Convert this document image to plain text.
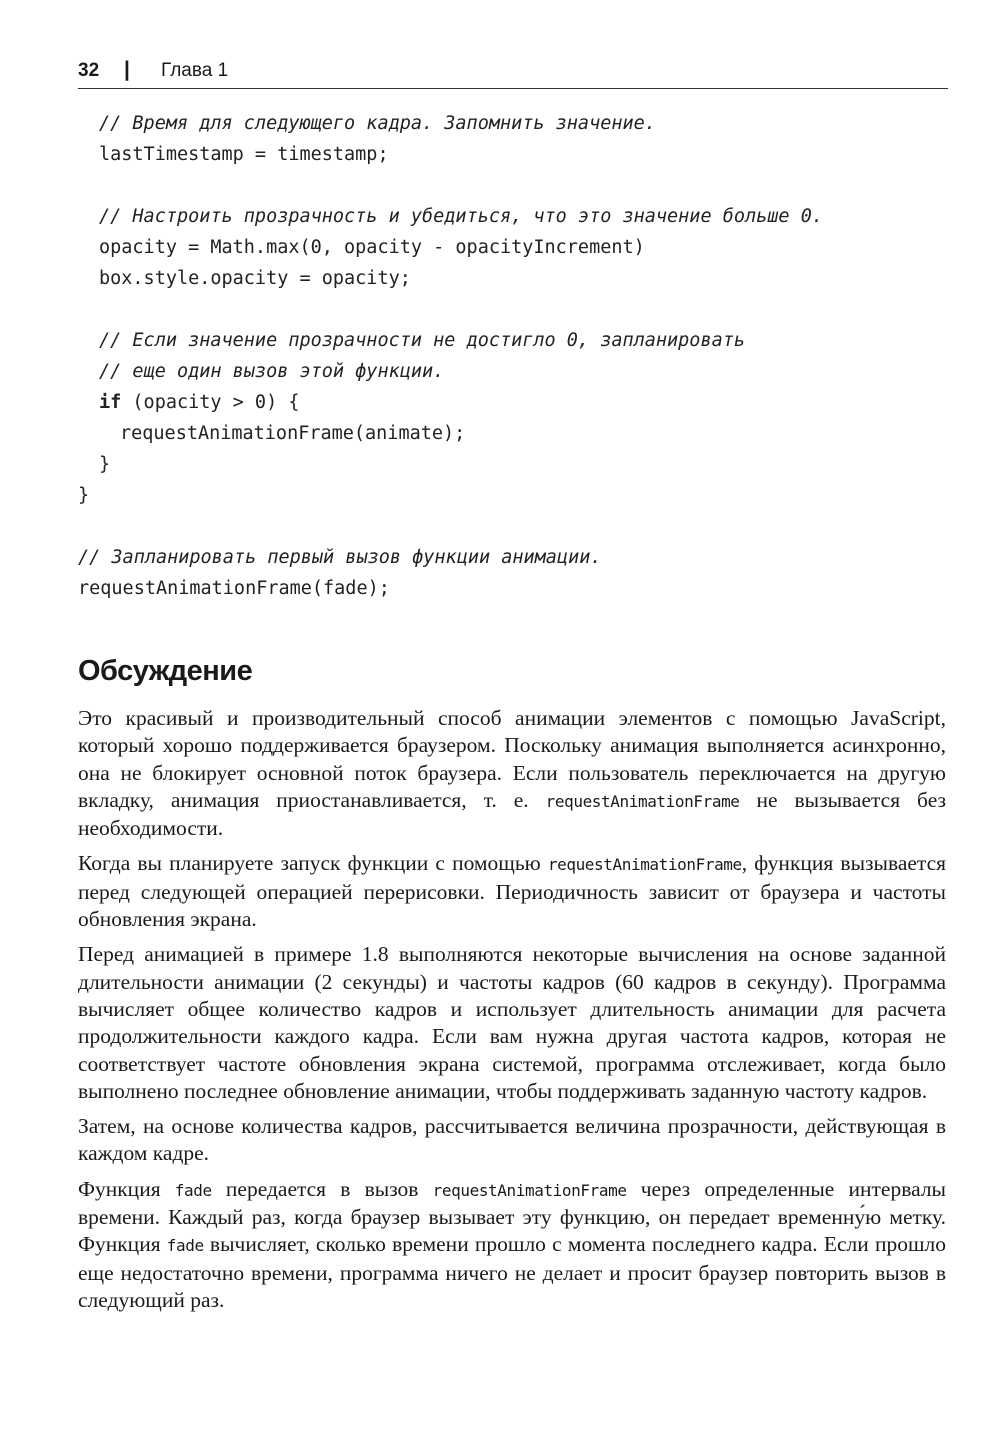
32 | Глава 1
// Время для следующего кадра. Запомнить значение.
lastTimestamp = timestamp;
// Настроить прозрачность и убедиться, что это значение больше 0.
opacity = Math.max(0, opacity - opacityIncrement)
box.style.opacity = opacity;
// Если значение прозрачности не достигло 0, запланировать
// еще один вызов этой функции.
if (opacity > 0) {
requestAnimationFrame(animate);
}
}
// Запланировать первый вызов функции анимации.
requestAnimationFrame(fade);
Обсуждение

Это красивый и производительный способ анимации элементов с помощью JavaScript, который хорошо поддерживается браузером. Поскольку анимация выполняется асинхронно, она не блокирует основной поток браузера. Если пользователь переключается на другую вкладку, анимация приостанавливается, т. е. requestAnimationFrame не вызывается без необходимости.

Когда вы планируете запуск функции с помощью requestAnimationFrame, функция вызывается перед следующей операцией перерисовки. Периодичность зависит от браузера и частоты обновления экрана.

Перед анимацией в примере 1.8 выполняются некоторые вычисления на основе заданной длительности анимации (2 секунды) и частоты кадров (60 кадров в секунду). Программа вычисляет общее количество кадров и использует длительность анимации для расчета продолжительности каждого кадра. Если вам нужна другая частота кадров, которая не соответствует частоте обновления экрана системой, программа отслеживает, когда было выполнено последнее обновление анимации, чтобы поддерживать заданную частоту кадров.

Затем, на основе количества кадров, рассчитывается величина прозрачности, действующая в каждом кадре.

Функция fade передается в вызов requestAnimationFrame через определенные интервалы времени. Каждый раз, когда браузер вызывает эту функцию, он передает временну́ю метку. Функция fade вычисляет, сколько времени прошло с момента последнего кадра. Если прошло еще недостаточно времени, программа ничего не делает и просит браузер повторить вызов в следующий раз.
